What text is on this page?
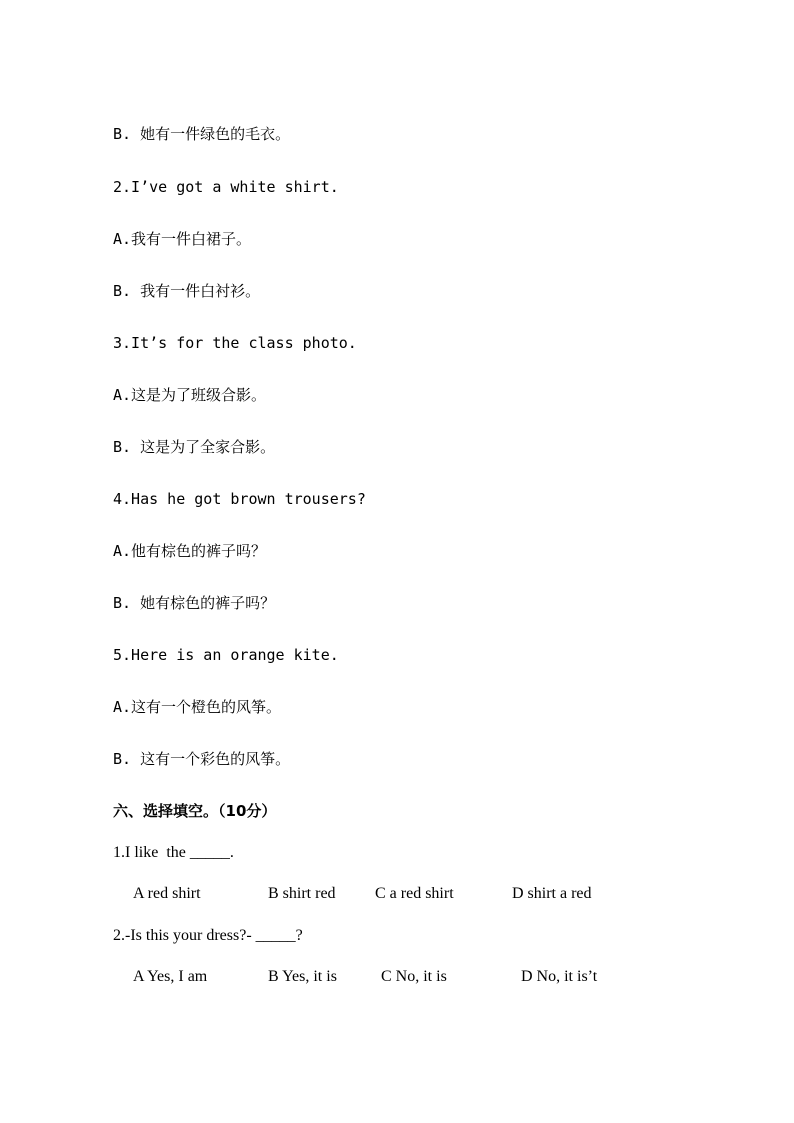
B. 她有一件绿色的毛衣。
2.I’ve got a white shirt.
A.我有一件白裙子。
B. 我有一件白衬衫。
3.It’s for the class photo.
A.这是为了班级合影。
B. 这是为了全家合影。
4.Has he got brown trousers?
A.他有棕色的裤子吗？
B. 她有棕色的裤子吗？
5.Here is an orange kite.
A.这有一个橙色的风筝。
B. 这有一个彩色的风筝。
六、选择填空。（10分）
1.I like  the _____.
A red shirt	B shirt red C a red shirt	D shirt a red
2.-Is this your dress?- _____?
A Yes, I am	B Yes, it is	C No, it is	D No, it is’t
